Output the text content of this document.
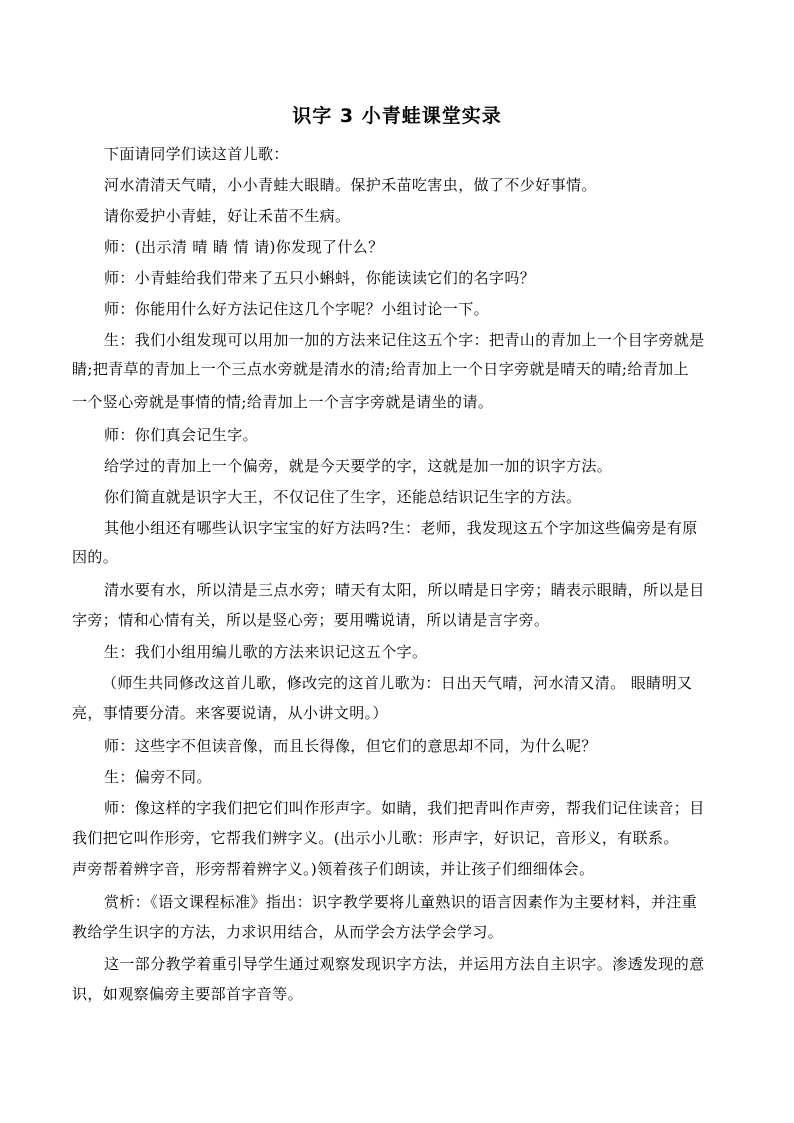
识字 3 小青蛙课堂实录
下面请同学们读这首儿歌：
河水清清天气晴，小小青蛙大眼睛。保护禾苗吃害虫，做了不少好事情。
请你爱护小青蛙，好让禾苗不生病。
师：(出示清 晴 睛 情 请)你发现了什么？
师：小青蛙给我们带来了五只小蝌蚪，你能读读它们的名字吗？
师：你能用什么好方法记住这几个字呢？小组讨论一下。
生：我们小组发现可以用加一加的方法来记住这五个字：把青山的青加上一个目字旁就是
睛;把青草的青加上一个三点水旁就是清水的清;给青加上一个日字旁就是晴天的晴;给青加上
一个竖心旁就是事情的情;给青加上一个言字旁就是请坐的请。
师：你们真会记生字。
给学过的青加上一个偏旁，就是今天要学的字，这就是加一加的识字方法。
你们简直就是识字大王，不仅记住了生字，还能总结识记生字的方法。
其他小组还有哪些认识字宝宝的好方法吗?生：老师，我发现这五个字加这些偏旁是有原
因的。
清水要有水，所以清是三点水旁；晴天有太阳，所以晴是日字旁；睛表示眼睛，所以是目
字旁；情和心情有关，所以是竖心旁；要用嘴说请，所以请是言字旁。
生：我们小组用编儿歌的方法来识记这五个字。
（师生共同修改这首儿歌，修改完的这首儿歌为：日出天气晴，河水清又清。 眼睛明又
亮，事情要分清。来客要说请，从小讲文明。）
师：这些字不但读音像，而且长得像，但它们的意思却不同，为什么呢？
生：偏旁不同。
师：像这样的字我们把它们叫作形声字。如睛，我们把青叫作声旁，帮我们记住读音；目
我们把它叫作形旁，它帮我们辨字义。(出示小儿歌：形声字，好识记，音形义，有联系。
声旁帮着辨字音，形旁帮着辨字义。)领着孩子们朗读，并让孩子们细细体会。
赏析：《语文课程标准》指出：识字教学要将儿童熟识的语言因素作为主要材料，并注重
教给学生识字的方法，力求识用结合，从而学会方法学会学习。
这一部分教学着重引导学生通过观察发现识字方法，并运用方法自主识字。渗透发现的意
识，如观察偏旁主要部首字音等。
